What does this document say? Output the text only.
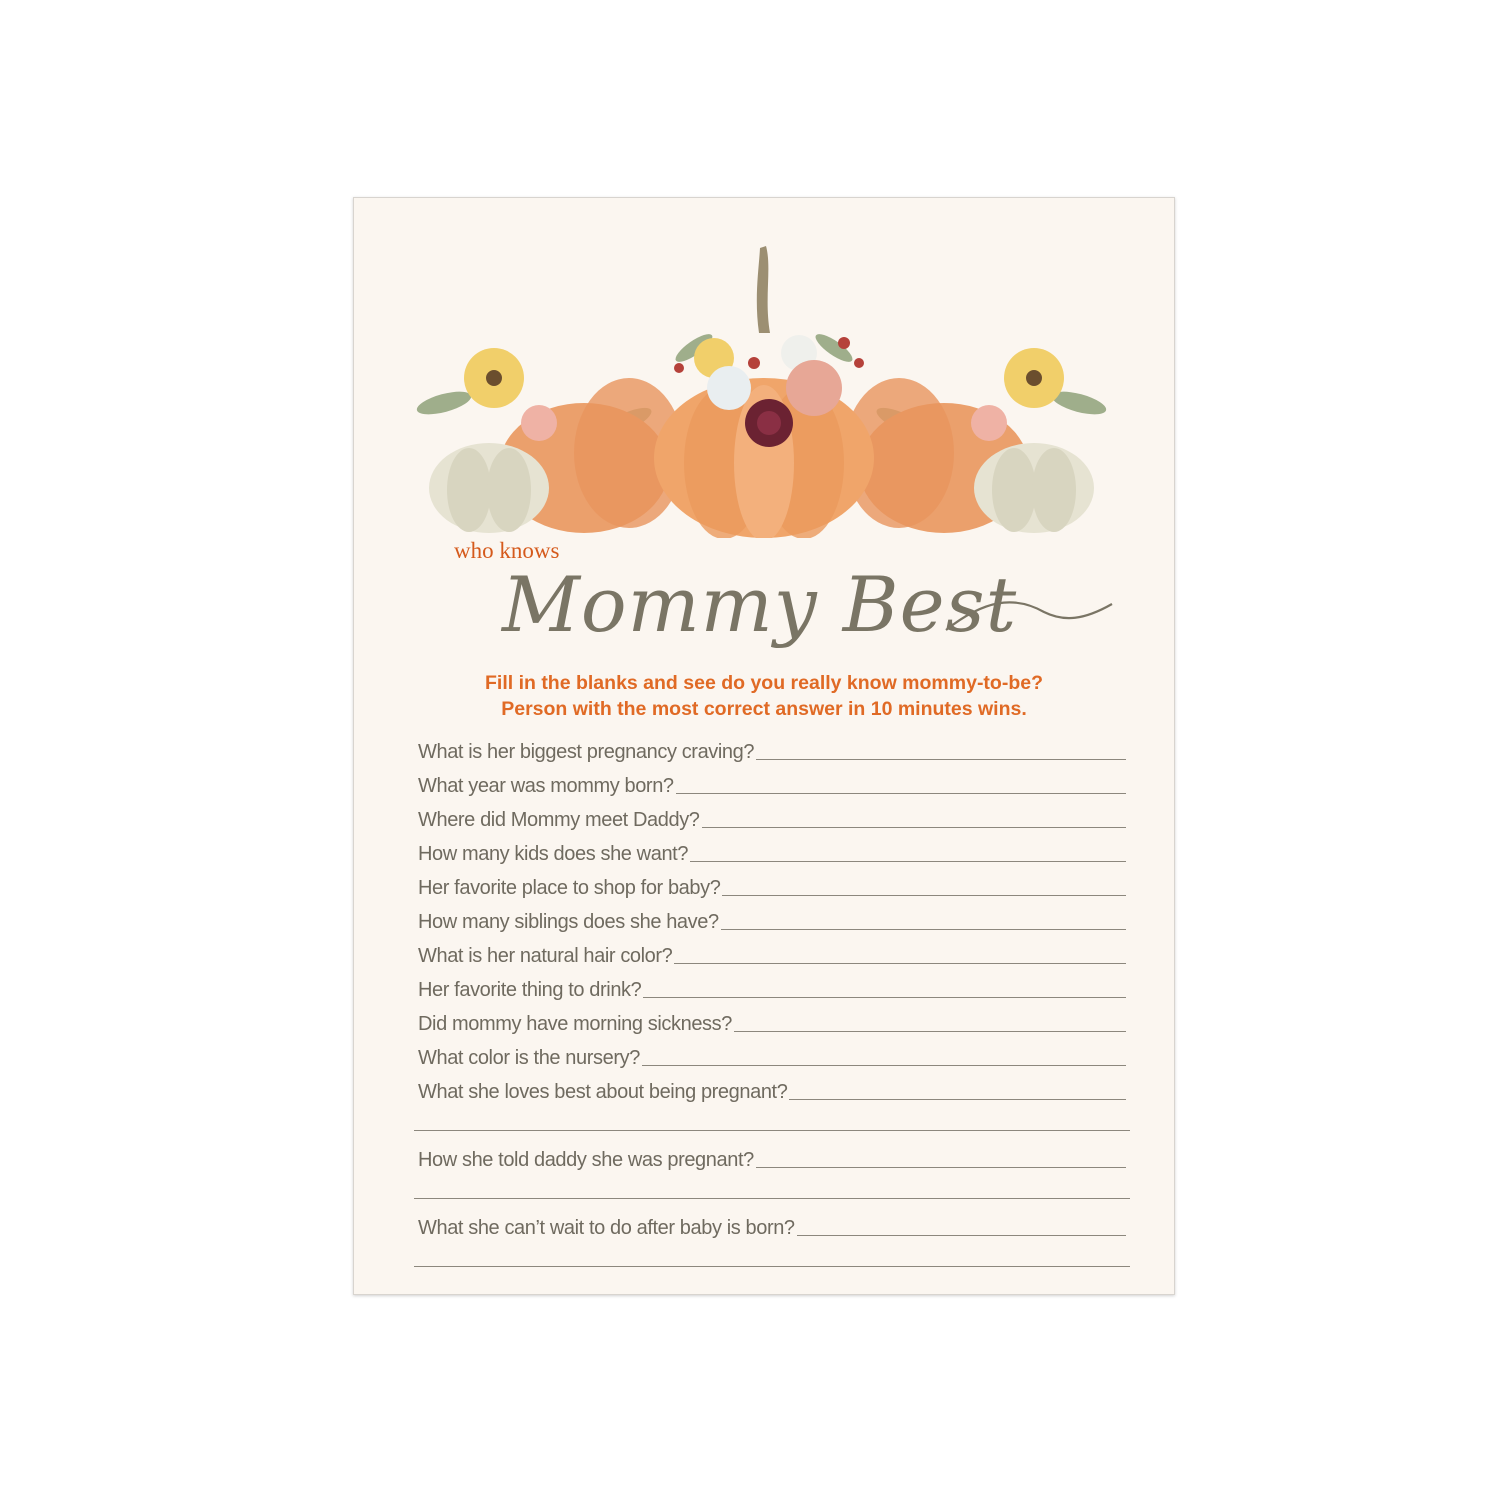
who knows
Mommy Best
Fill in the blanks and see do you really know mommy-to-be?
Person with the most correct answer in 10 minutes wins.
What is her biggest pregnancy craving?
What year was mommy born?
Where did Mommy meet Daddy?
How many kids does she want?
Her favorite place to shop for baby?
How many siblings does she have?
What is her natural hair color?
Her favorite thing to drink?
Did mommy have morning sickness?
What color is the nursery?
What she loves best about being pregnant?
How she told daddy she was pregnant?
What she can’t wait to do after baby is born?
